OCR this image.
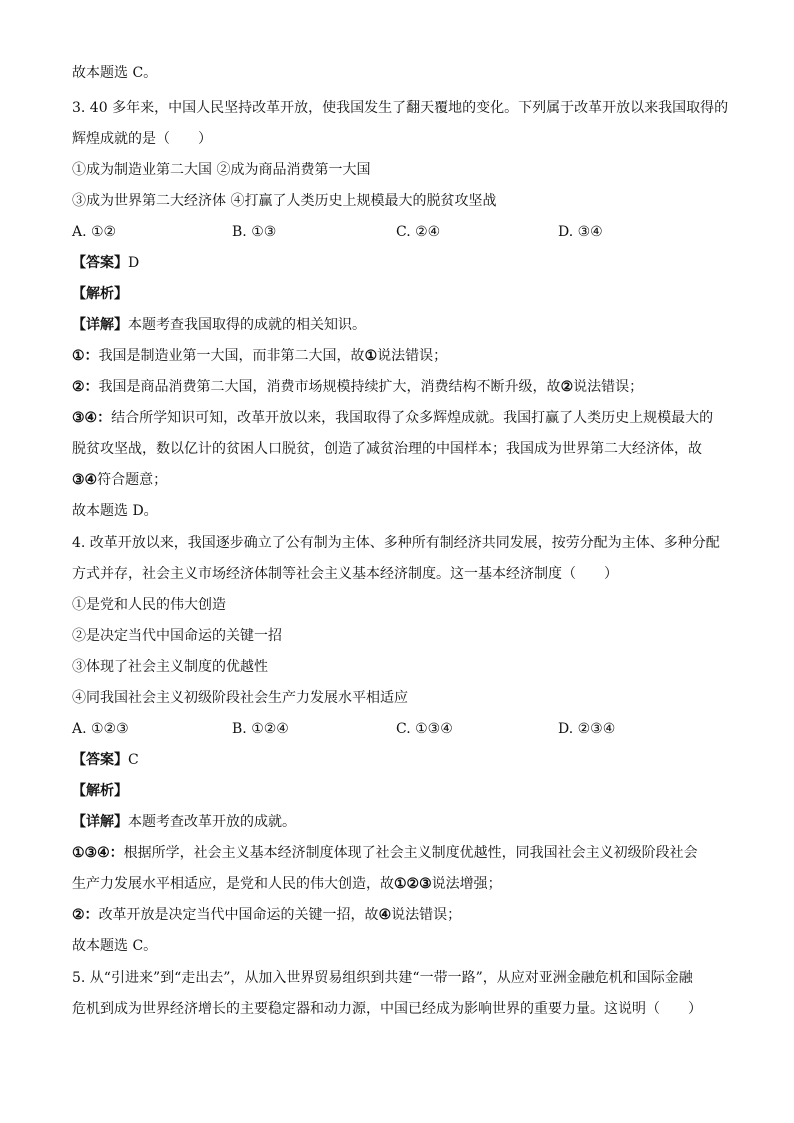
故本题选 C。
3. 40 多年来，中国人民坚持改革开放，使我国发生了翻天覆地的变化。下列属于改革开放以来我国取得的
辉煌成就的是（　　）
①成为制造业第二大国 ②成为商品消费第一大国
③成为世界第二大经济体 ④打赢了人类历史上规模最大的脱贫攻坚战
A. ①②	B. ①③	C. ②④	D. ③④
【答案】D
【解析】
【详解】本题考查我国取得的成就的相关知识。
①：我国是制造业第一大国，而非第二大国，故①说法错误；
②：我国是商品消费第二大国，消费市场规模持续扩大，消费结构不断升级，故②说法错误；
③④：结合所学知识可知，改革开放以来，我国取得了众多辉煌成就。我国打赢了人类历史上规模最大的
脱贫攻坚战，数以亿计的贫困人口脱贫，创造了减贫治理的中国样本；我国成为世界第二大经济体，故
③④符合题意；
故本题选 D。
4. 改革开放以来，我国逐步确立了公有制为主体、多种所有制经济共同发展，按劳分配为主体、多种分配
方式并存，社会主义市场经济体制等社会主义基本经济制度。这一基本经济制度（　　）
①是党和人民的伟大创造
②是决定当代中国命运的关键一招
③体现了社会主义制度的优越性
④同我国社会主义初级阶段社会生产力发展水平相适应
A. ①②③	B. ①②④	C. ①③④	D. ②③④
【答案】C
【解析】
【详解】本题考查改革开放的成就。
①③④：根据所学，社会主义基本经济制度体现了社会主义制度优越性，同我国社会主义初级阶段社会
生产力发展水平相适应，是党和人民的伟大创造，故①②③说法增强；
②：改革开放是决定当代中国命运的关键一招，故④说法错误；
故本题选 C。
5. 从“引进来”到“走出去”，从加入世界贸易组织到共建“一带一路”，从应对亚洲金融危机和国际金融
危机到成为世界经济增长的主要稳定器和动力源，中国已经成为影响世界的重要力量。这说明（　　）
